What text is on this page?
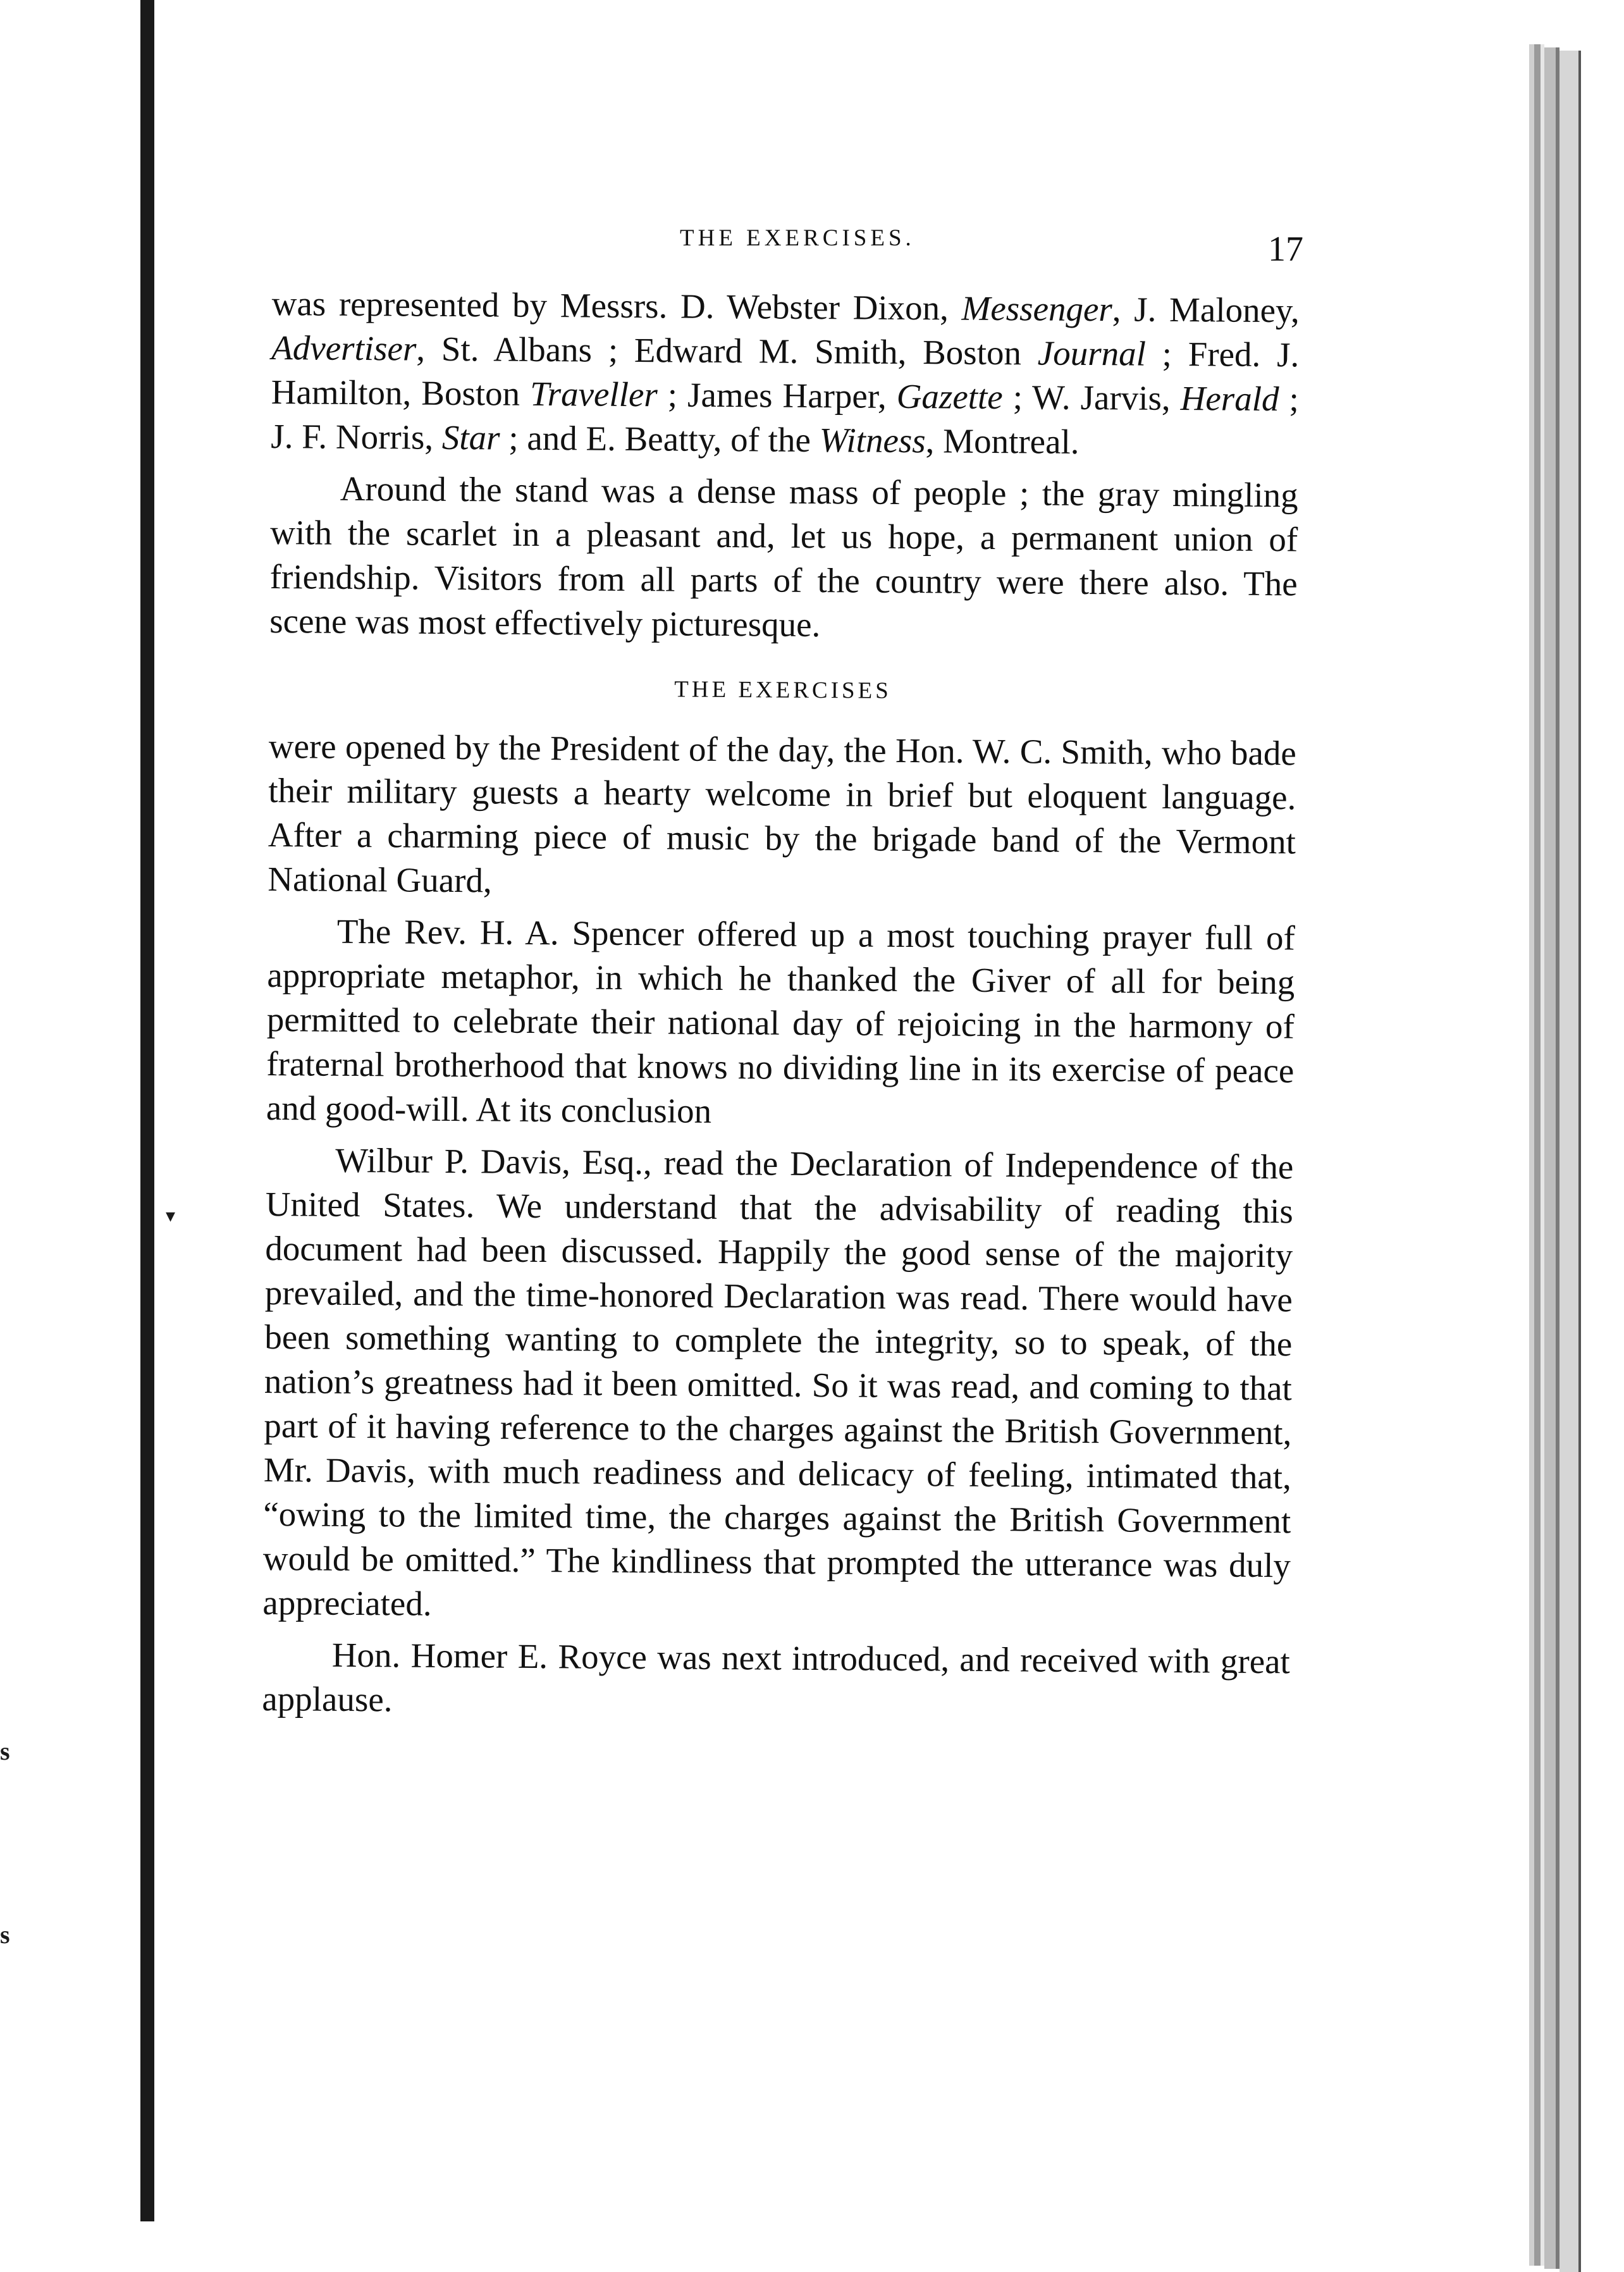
▾
s
s
THE EXERCISES.	17

was represented by Messrs. D. Webster Dixon, Messenger, J. Maloney, Advertiser, St. Albans ; Edward M. Smith, Boston Journal ; Fred. J. Hamilton, Boston Traveller ; James Harper, Gazette ; W. Jarvis, Herald ; J. F. Norris, Star ; and E. Beatty, of the Witness, Montreal.

Around the stand was a dense mass of people ; the gray mingling with the scarlet in a pleasant and, let us hope, a permanent union of friendship. Visitors from all parts of the country were there also. The scene was most effectively picturesque.

THE EXERCISES

were opened by the President of the day, the Hon. W. C. Smith, who bade their military guests a hearty welcome in brief but eloquent language. After a charming piece of music by the brigade band of the Vermont National Guard,

The Rev. H. A. Spencer offered up a most touching prayer full of appropriate metaphor, in which he thanked the Giver of all for being permitted to celebrate their national day of rejoicing in the harmony of fraternal brotherhood that knows no dividing line in its exercise of peace and good-will. At its conclusion

Wilbur P. Davis, Esq., read the Declaration of Independence of the United States. We understand that the advisability of reading this document had been discussed. Happily the good sense of the majority prevailed, and the time-honored Declaration was read. There would have been something wanting to complete the integrity, so to speak, of the nation’s greatness had it been omitted. So it was read, and coming to that part of it having reference to the charges against the British Government, Mr. Davis, with much readiness and delicacy of feeling, intimated that, “owing to the limited time, the charges against the British Government would be omitted.” The kindliness that prompted the utterance was duly appreciated.

Hon. Homer E. Royce was next introduced, and received with great applause.
